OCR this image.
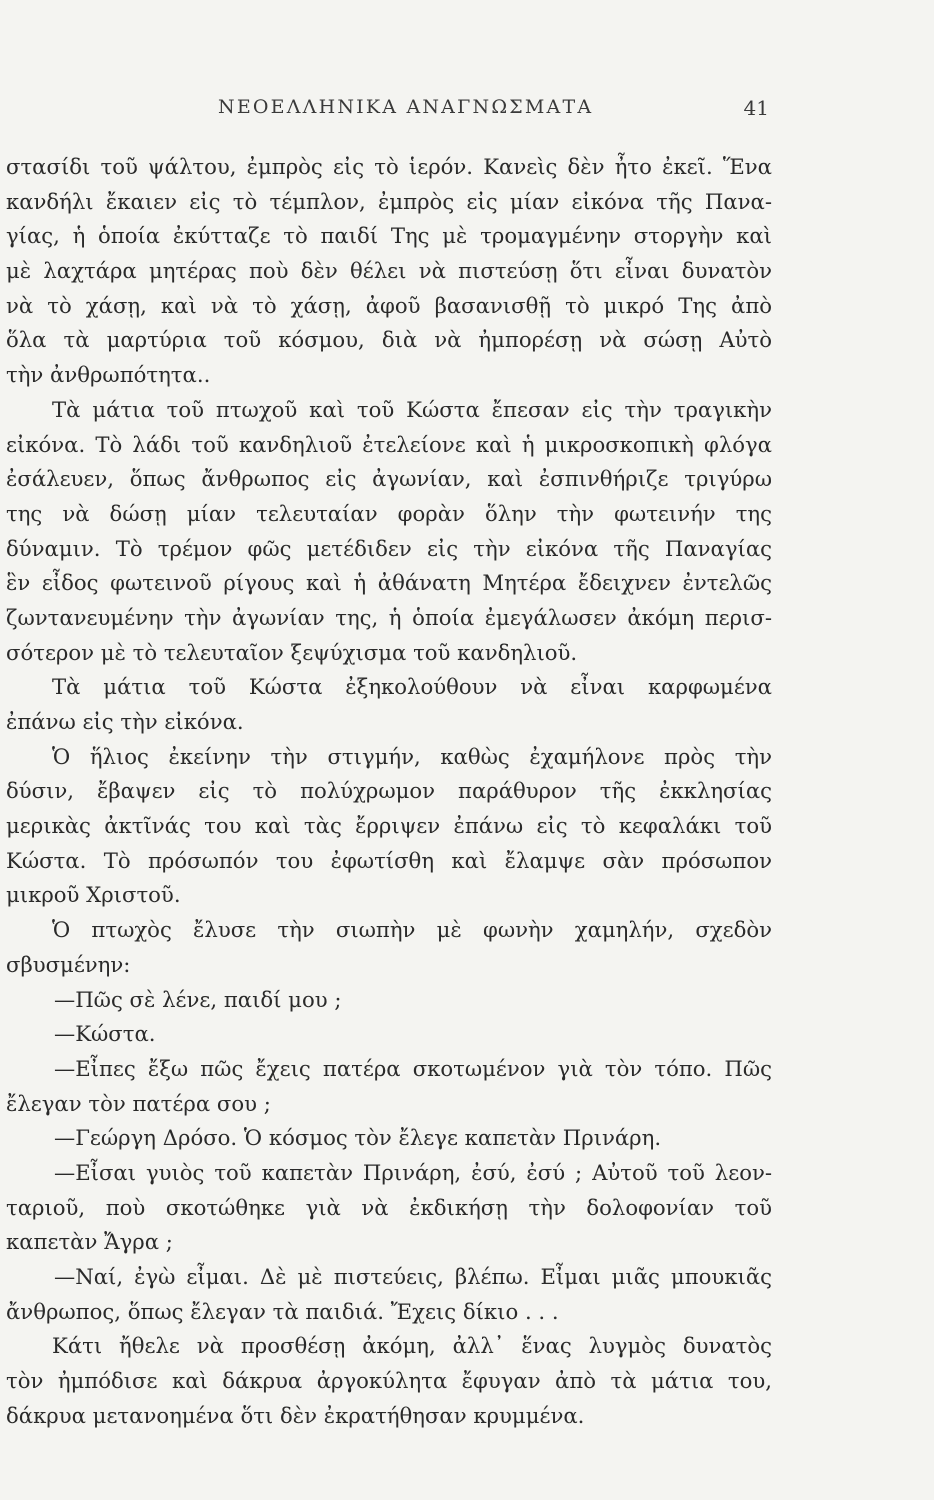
ΝΕΟΕΛΛΗΝΙΚΑ ΑΝΑΓΝΩΣΜΑΤΑ	41
στασίδι τοῦ ψάλτου, ἐμπρὸς εἰς τὸ ἱερόν. Κανεὶς δὲν ἦτο ἐκεῖ. Ἕνα
κανδήλι ἔκαιεν εἰς τὸ τέμπλον, ἐμπρὸς εἰς μίαν εἰκόνα τῆς Πανα-
γίας, ἡ ὁποία ἐκύτταζε τὸ παιδί Της μὲ τρομαγμένην στοργὴν καὶ
μὲ λαχτάρα μητέρας ποὺ δὲν θέλει νὰ πιστεύσῃ ὅτι εἶναι δυνατὸν
νὰ τὸ χάσῃ, καὶ νὰ τὸ χάσῃ, ἀφοῦ βασανισθῇ τὸ μικρό Της ἀπὸ
ὅλα τὰ μαρτύρια τοῦ κόσμου, διὰ νὰ ἠμπορέσῃ νὰ σώσῃ Αὐτὸ
τὴν ἀνθρωπότητα..
Τὰ μάτια τοῦ πτωχοῦ καὶ τοῦ Κώστα ἔπεσαν εἰς τὴν τραγικὴν
εἰκόνα. Τὸ λάδι τοῦ κανδηλιοῦ ἐτελείονε καὶ ἡ μικροσκοπικὴ φλόγα
ἐσάλευεν, ὅπως ἄνθρωπος εἰς ἀγωνίαν, καὶ ἐσπινθήριζε τριγύρω
της νὰ δώσῃ μίαν τελευταίαν φορὰν ὅλην τὴν φωτεινήν της
δύναμιν. Τὸ τρέμον φῶς μετέδιδεν εἰς τὴν εἰκόνα τῆς Παναγίας
ἓν εἶδος φωτεινοῦ ρίγους καὶ ἡ ἀθάνατη Μητέρα ἔδειχνεν ἐντελῶς
ζωντανευμένην τὴν ἀγωνίαν της, ἡ ὁποία ἐμεγάλωσεν ἀκόμη περισ-
σότερον μὲ τὸ τελευταῖον ξεψύχισμα τοῦ κανδηλιοῦ.
Τὰ μάτια τοῦ Κώστα ἐξηκολούθουν νὰ εἶναι καρφωμένα
ἐπάνω εἰς τὴν εἰκόνα.
Ὁ ἥλιος ἐκείνην τὴν στιγμήν, καθὼς ἐχαμήλονε πρὸς τὴν
δύσιν, ἔβαψεν εἰς τὸ πολύχρωμον παράθυρον τῆς ἐκκλησίας
μερικὰς ἀκτῖνάς του καὶ τὰς ἔρριψεν ἐπάνω εἰς τὸ κεφαλάκι τοῦ
Κώστα. Τὸ πρόσωπόν του ἐφωτίσθη καὶ ἔλαμψε σὰν πρόσωπον
μικροῦ Χριστοῦ.
Ὁ πτωχὸς ἔλυσε τὴν σιωπὴν μὲ φωνὴν χαμηλήν, σχεδὸν
σβυσμένην:
—Πῶς σὲ λένε, παιδί μου ;
—Κώστα.
—Εἶπες ἔξω πῶς ἔχεις πατέρα σκοτωμένον γιὰ τὸν τόπο. Πῶς
ἔλεγαν τὸν πατέρα σου ;
—Γεώργη Δρόσο. Ὁ κόσμος τὸν ἔλεγε καπετὰν Πρινάρη.
—Εἶσαι γυιὸς τοῦ καπετὰν Πρινάρη, ἐσύ, ἐσύ ; Αὐτοῦ τοῦ λεον-
ταριοῦ, ποὺ σκοτώθηκε γιὰ νὰ ἐκδικήσῃ τὴν δολοφονίαν τοῦ
καπετὰν Ἄγρα ;
—Ναί, ἐγὼ εἶμαι. Δὲ μὲ πιστεύεις, βλέπω. Εἶμαι μιᾶς μπουκιᾶς
ἄνθρωπος, ὅπως ἔλεγαν τὰ παιδιά. Ἔχεις δίκιο . . .
Κάτι ἤθελε νὰ προσθέσῃ ἀκόμη, ἀλλ᾽ ἕνας λυγμὸς δυνατὸς
τὸν ἠμπόδισε καὶ δάκρυα ἀργοκύλητα ἔφυγαν ἀπὸ τὰ μάτια του,
δάκρυα μετανοημένα ὅτι δὲν ἐκρατήθησαν κρυμμένα.
